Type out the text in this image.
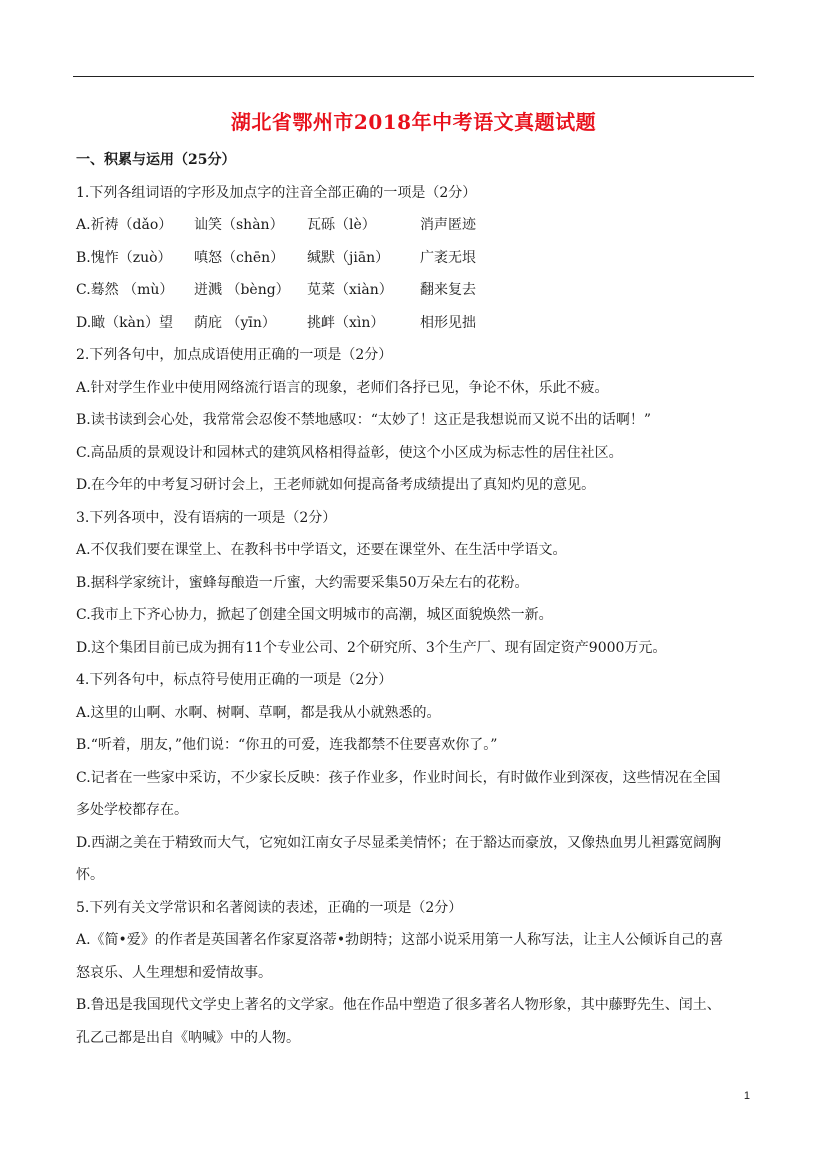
湖北省鄂州市2018年中考语文真题试题
一、积累与运用（25分）
1.下列各组词语的字形及加点字的注音全部正确的一项是（2分）
A.祈祷（dǎo） 讪笑（shàn） 瓦砾（lè）	消声匿迹
B.愧怍（zuò） 嗔怒（chēn） 缄默（jiān） 广袤无垠
C.蓦然 （mù） 迸溅 （bèng） 苋菜（xiàn） 翻来复去
D.瞰（kàn）望 荫庇 （yīn） 挑衅（xìn）	相形见拙
2.下列各句中，加点成语使用正确的一项是（2分）
A.针对学生作业中使用网络流行语言的现象，老师们各抒已见，争论不休，乐此不疲。
B.读书读到会心处，我常常会忍俊不禁地感叹：“太妙了！这正是我想说而又说不出的话啊！”
C.高品质的景观设计和园林式的建筑风格相得益彰，使这个小区成为标志性的居住社区。
D.在今年的中考复习研讨会上，王老师就如何提高备考成绩提出了真知灼见的意见。
3.下列各项中，没有语病的一项是（2分）
A.不仅我们要在课堂上、在教科书中学语文，还要在课堂外、在生活中学语文。
B.据科学家统计，蜜蜂每酿造一斤蜜，大约需要采集50万朵左右的花粉。
C.我市上下齐心协力，掀起了创建全国文明城市的高潮，城区面貌焕然一新。
D.这个集团目前已成为拥有11个专业公司、2个研究所、3个生产厂、现有固定资产9000万元。
4.下列各句中，标点符号使用正确的一项是（2分）
A.这里的山啊、水啊、树啊、草啊，都是我从小就熟悉的。
B.“听着，朋友，”他们说：“你丑的可爱，连我都禁不住要喜欢你了。”
C.记者在一些家中采访，不少家长反映：孩子作业多，作业时间长，有时做作业到深夜，这些情况在全国
多处学校都存在。
D.西湖之美在于精致而大气，它宛如江南女子尽显柔美情怀；在于豁达而豪放，又像热血男儿袒露宽阔胸
怀。
5.下列有关文学常识和名著阅读的表述，正确的一项是（2分）
A.《简•爱》的作者是英国著名作家夏洛蒂•勃朗特；这部小说采用第一人称写法，让主人公倾诉自己的喜
怒哀乐、人生理想和爱情故事。
B.鲁迅是我国现代文学史上著名的文学家。他在作品中塑造了很多著名人物形象，其中藤野先生、闰土、
孔乙己都是出自《呐喊》中的人物。
1
